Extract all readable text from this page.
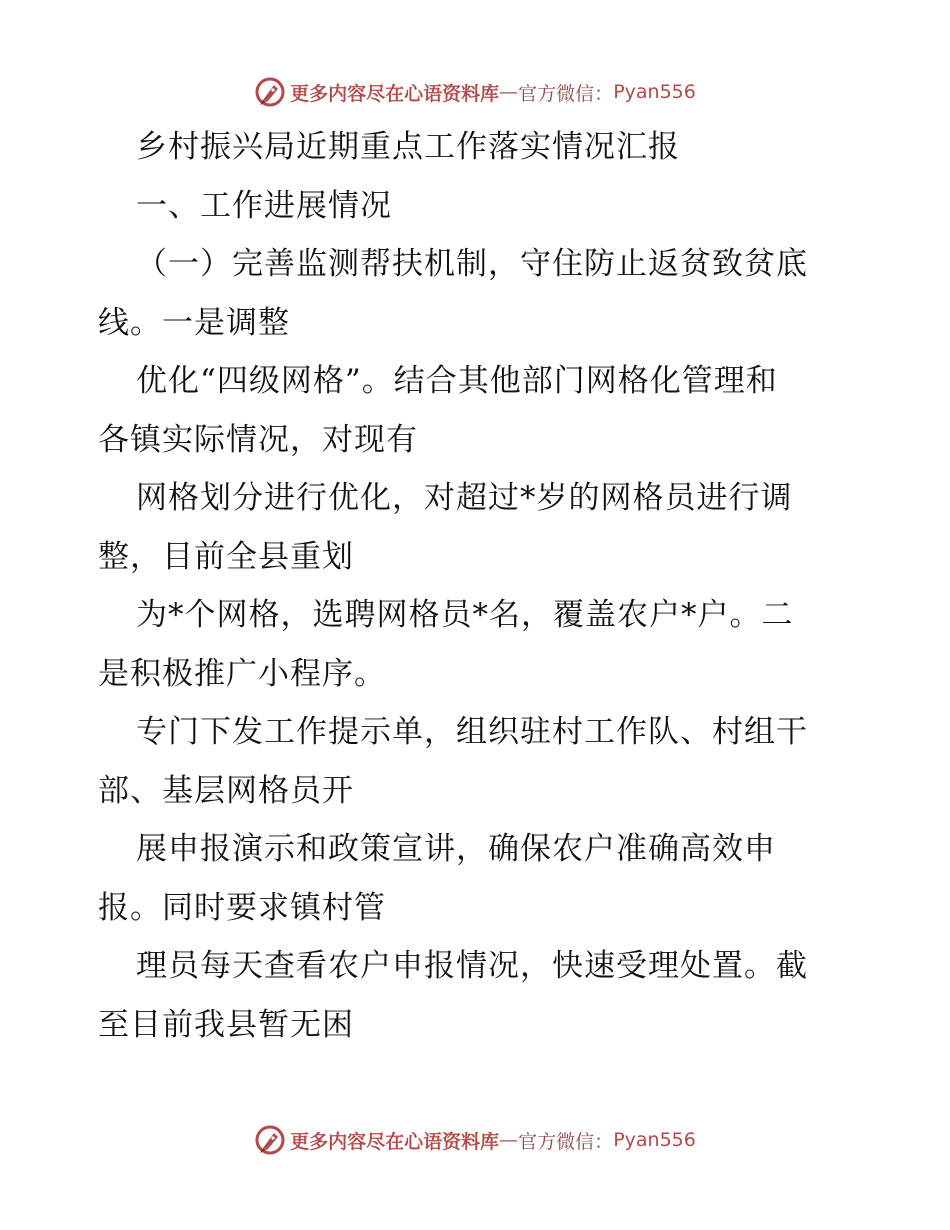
更多内容尽在心语资料库 — 官方微信： Pyan556
乡村振兴局近期重点工作落实情况汇报
一、工作进展情况
（一）完善监测帮扶机制，守住防止返贫致贫底
线。一是调整
优化“四级网格”。结合其他部门网格化管理和
各镇实际情况，对现有
网格划分进行优化，对超过*岁的网格员进行调
整，目前全县重划
为*个网格，选聘网格员*名，覆盖农户*户。二
是积极推广小程序。
专门下发工作提示单，组织驻村工作队、村组干
部、基层网格员开
展申报演示和政策宣讲，确保农户准确高效申
报。同时要求镇村管
理员每天查看农户申报情况，快速受理处置。截
至目前我县暂无困
更多内容尽在心语资料库 — 官方微信： Pyan556
